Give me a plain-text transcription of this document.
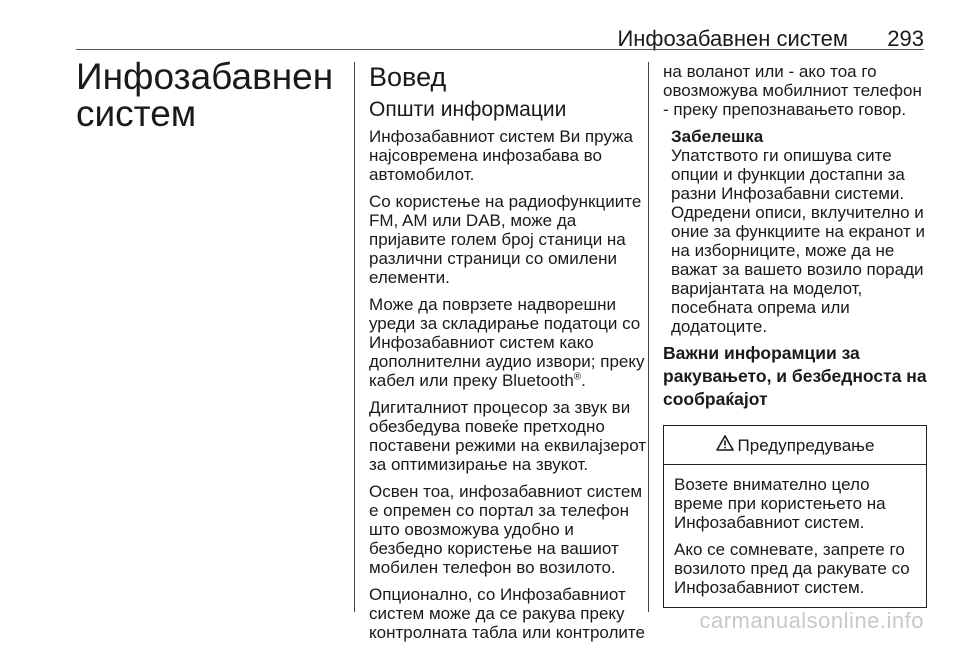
Инфозабавнен систем 293
Инфозабавнен
систем
Вовед
Општи информации

Инфозабавниот систем Ви пружа најсовремена инфозабава во автомобилот.

Со користење на радиофункциите FM, AM или DAB, може да пријавите голем број станици на различни страници со омилени елементи.

Може да поврзете надворешни уреди за складирање податоци со Инфозабавниот систем како дополнителни аудио извори; преку кабел или преку Bluetooth®.

Дигиталниот процесор за звук ви обезбедува повеќе претходно поставени режими на еквилајзерот за оптимизирање на звукот.

Освен тоа, инфозабавниот систем е опремен со портал за телефон што овозможува удобно и безбедно користење на вашиот мобилен телефон во возилото.

Опционално, со Инфозабавниот систем може да се ракува преку контролната табла или контролите

на воланот или - ако тоа го овозможува мобилниот телефон - преку препознавањето говор.

Забелешка
Упатството ги опишува сите опции и функции достапни за разни Инфозабавни системи. Одредени описи, вклучително и оние за функциите на екранот и на изборниците, може да не важат за вашето возило поради варијантата на моделот, посебната опрема или додатоците.
Важни инфорамции за ракувањето, и безбедноста на сообраќајот
Предупредување

Возете внимателно цело време при користењето на Инфозабавниот систем.

Ако се сомневате, запрете го возилото пред да ракувате со Инфозабавниот систем.

carmanualsonline.info
